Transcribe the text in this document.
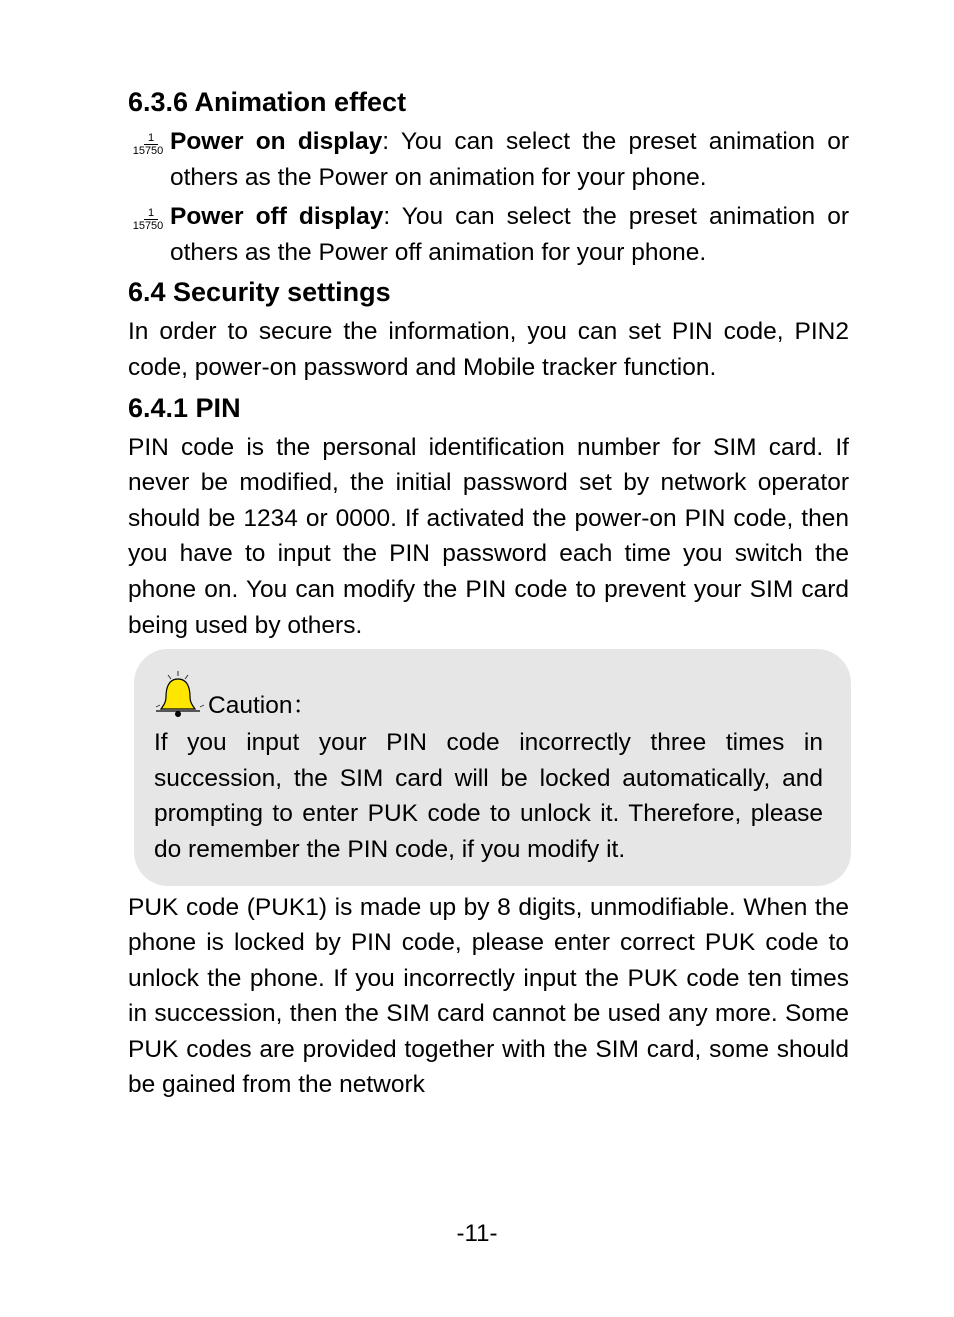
6.3.6 Animation effect

$\frac{1}{15750}$ Power on display: You can select the preset animation or others as the Power on animation for your phone.

$\frac{1}{15750}$ Power off display: You can select the preset animation or others as the Power off animation for your phone.

6.4 Security settings

In order to secure the information, you can set PIN code, PIN2 code, power-on password and Mobile tracker function.

6.4.1 PIN

PIN code is the personal identification number for SIM card. If never be modified, the initial password set by network operator should be 1234 or 0000. If activated the power-on PIN code, then you have to input the PIN password each time you switch the phone on. You can modify the PIN code to prevent your SIM card being used by others.

Caution：

If you input your PIN code incorrectly three times in succession, the SIM card will be locked automatically, and prompting to enter PUK code to unlock it. Therefore, please do remember the PIN code, if you modify it.

PUK code (PUK1) is made up by 8 digits, unmodifiable. When the phone is locked by PIN code, please enter correct PUK code to unlock the phone. If you incorrectly input the PUK code ten times in succession, then the SIM card cannot be used any more. Some PUK codes are provided together with the SIM card, some should be gained from the network

-11-
